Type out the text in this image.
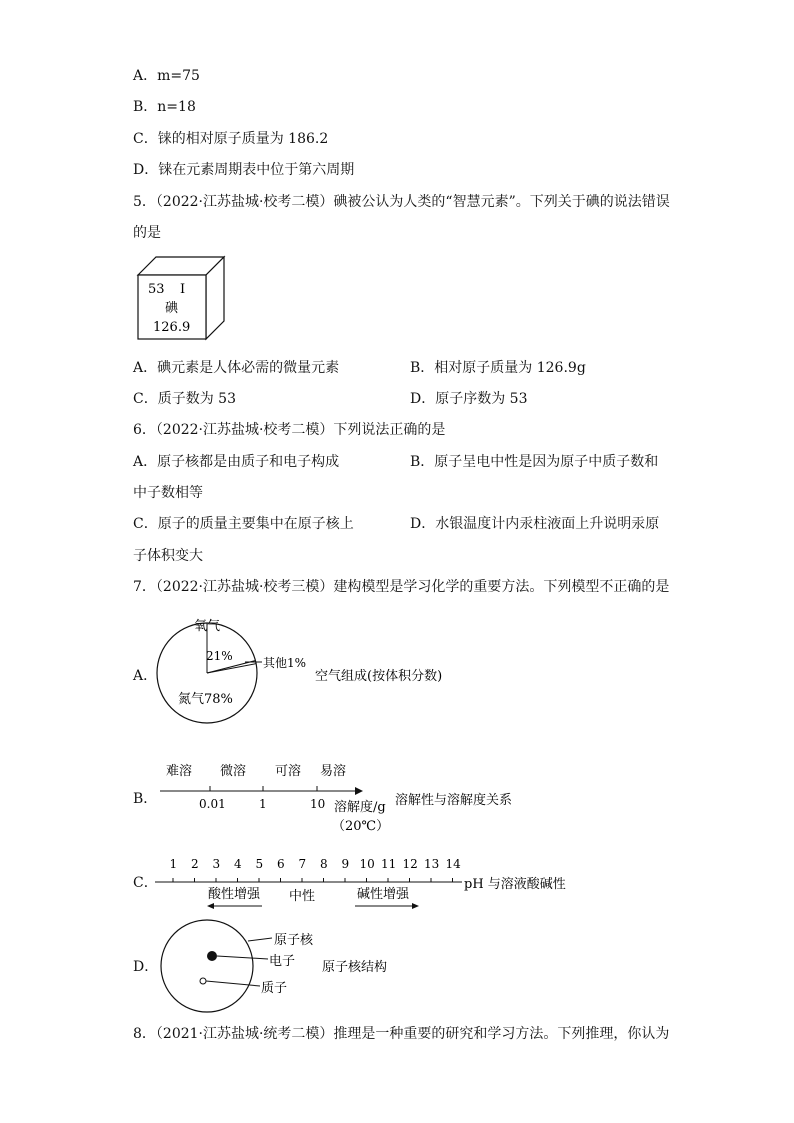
A．m=75
B．n=18
C．铼的相对原子质量为 186.2
D．铼在元素周期表中位于第六周期
5．（2022·江苏盐城·校考二模）碘被公认为人类的“智慧元素”。下列关于碘的说法错误
的是
53 I
碘
126.9
A．碘元素是人体必需的微量元素	B．相对原子质量为 126.9g
C．质子数为 53	D．原子序数为 53
6．（2022·江苏盐城·校考二模）下列说法正确的是
A．原子核都是由质子和电子构成	B．原子呈电中性是因为原子中质子数和
中子数相等
C．原子的质量主要集中在原子核上	D．水银温度计内汞柱液面上升说明汞原
子体积变大
7．（2022·江苏盐城·校考三模）建构模型是学习化学的重要方法。下列模型不正确的是
A．
氧气
21%	其他1%
氮气78%
空气组成(按体积分数)
B．
难溶 微溶 可溶 易溶
0.01	1	10 溶解度/g
（20℃）
溶解性与溶解度关系
C．
1 2 3 4 5 6 7 8 9 10 11 12 13 14
pH 与溶液酸碱性
酸性增强 中性	碱性增强
D．
原子核
电子
质子
原子核结构
8．（2021·江苏盐城·统考二模）推理是一种重要的研究和学习方法。下列推理，你认为
